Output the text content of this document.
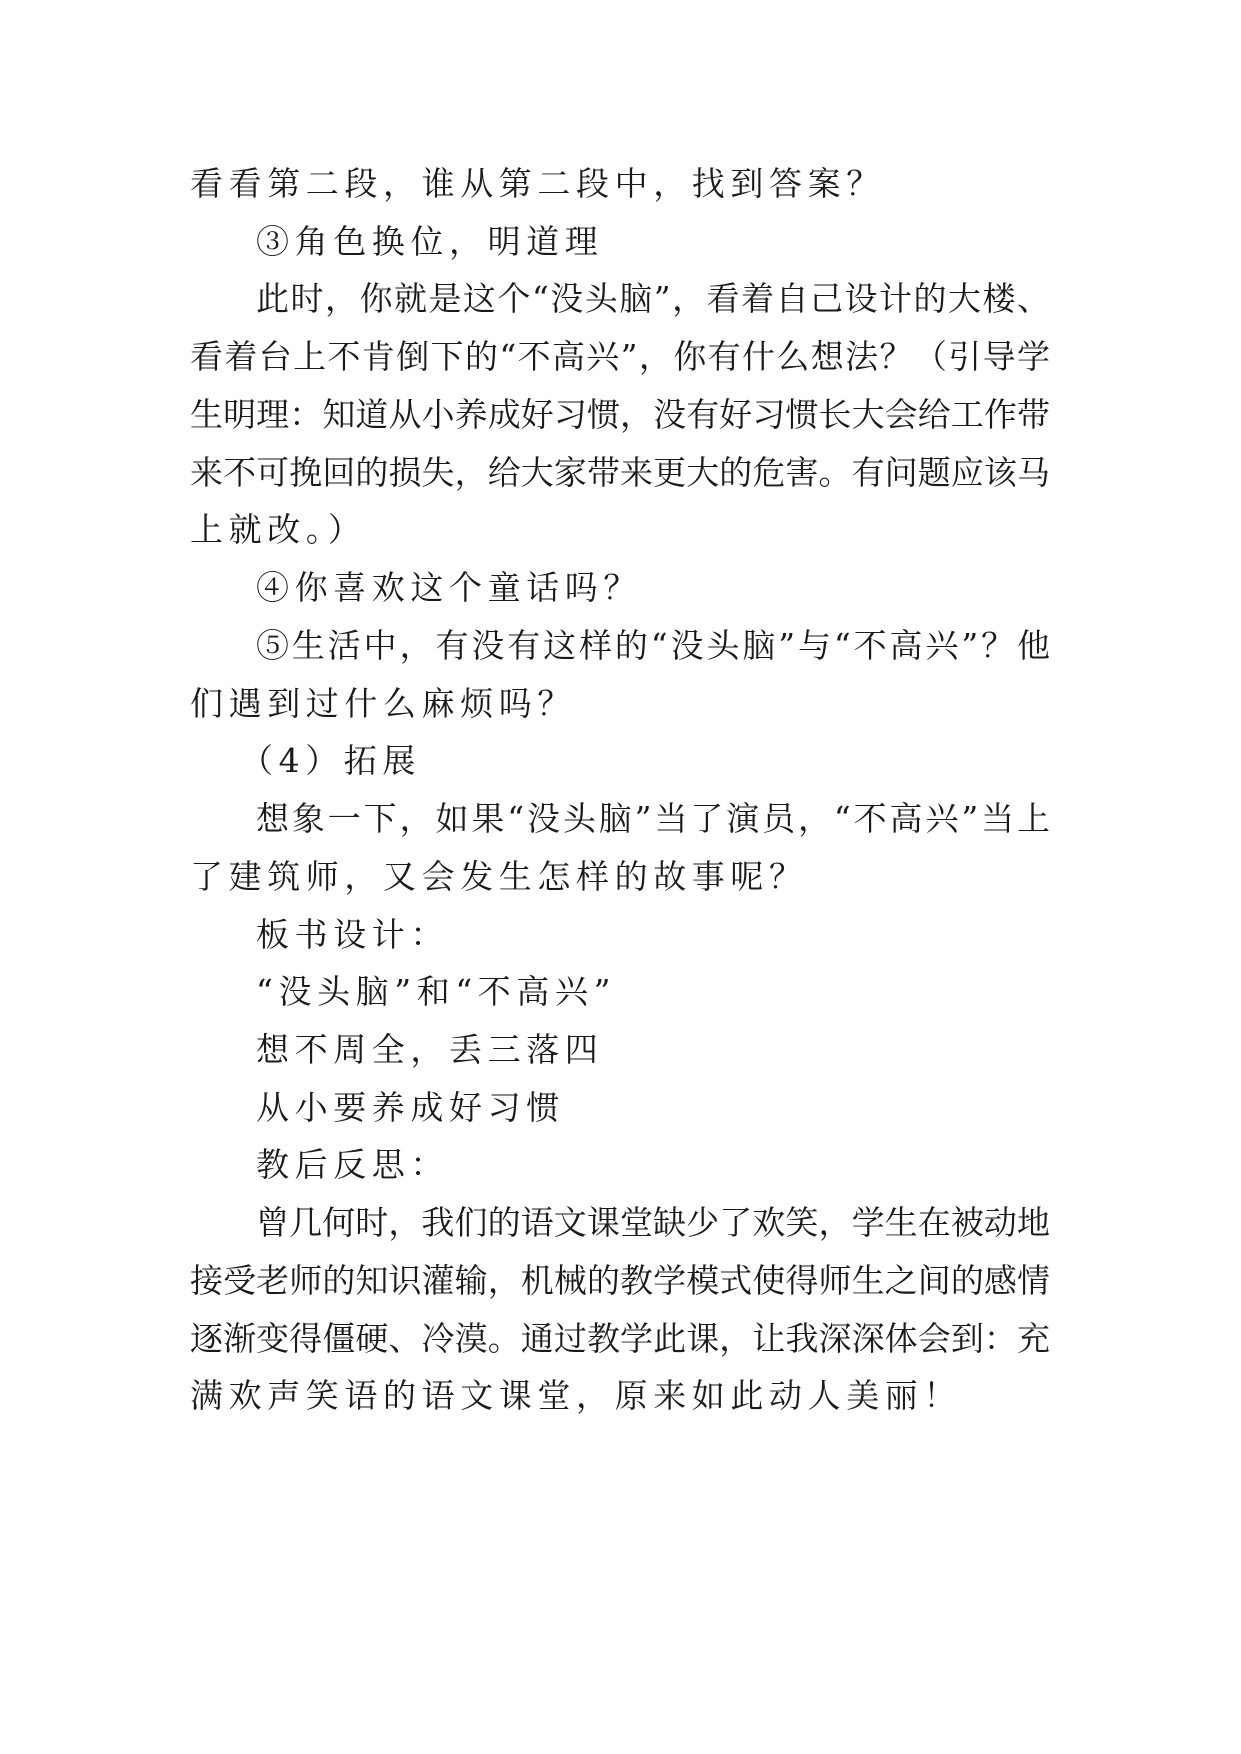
看看第二段，谁从第二段中，找到答案？
③角色换位，明道理
此时，你就是这个“没头脑”，看着自己设计的大楼、
看着台上不肯倒下的“不高兴”，你有什么想法？（引导学
生明理：知道从小养成好习惯，没有好习惯长大会给工作带
来不可挽回的损失，给大家带来更大的危害。有问题应该马
上就改。）
④你喜欢这个童话吗？
⑤生活中，有没有这样的“没头脑”与“不高兴”？他
们遇到过什么麻烦吗？
（4）拓展
想象一下，如果“没头脑”当了演员，“不高兴”当上
了建筑师，又会发生怎样的故事呢？
板书设计：
“没头脑”和“不高兴”
想不周全，丢三落四
从小要养成好习惯
教后反思：
曾几何时，我们的语文课堂缺少了欢笑，学生在被动地
接受老师的知识灌输，机械的教学模式使得师生之间的感情
逐渐变得僵硬、冷漠。通过教学此课，让我深深体会到：充
满欢声笑语的语文课堂，原来如此动人美丽！
